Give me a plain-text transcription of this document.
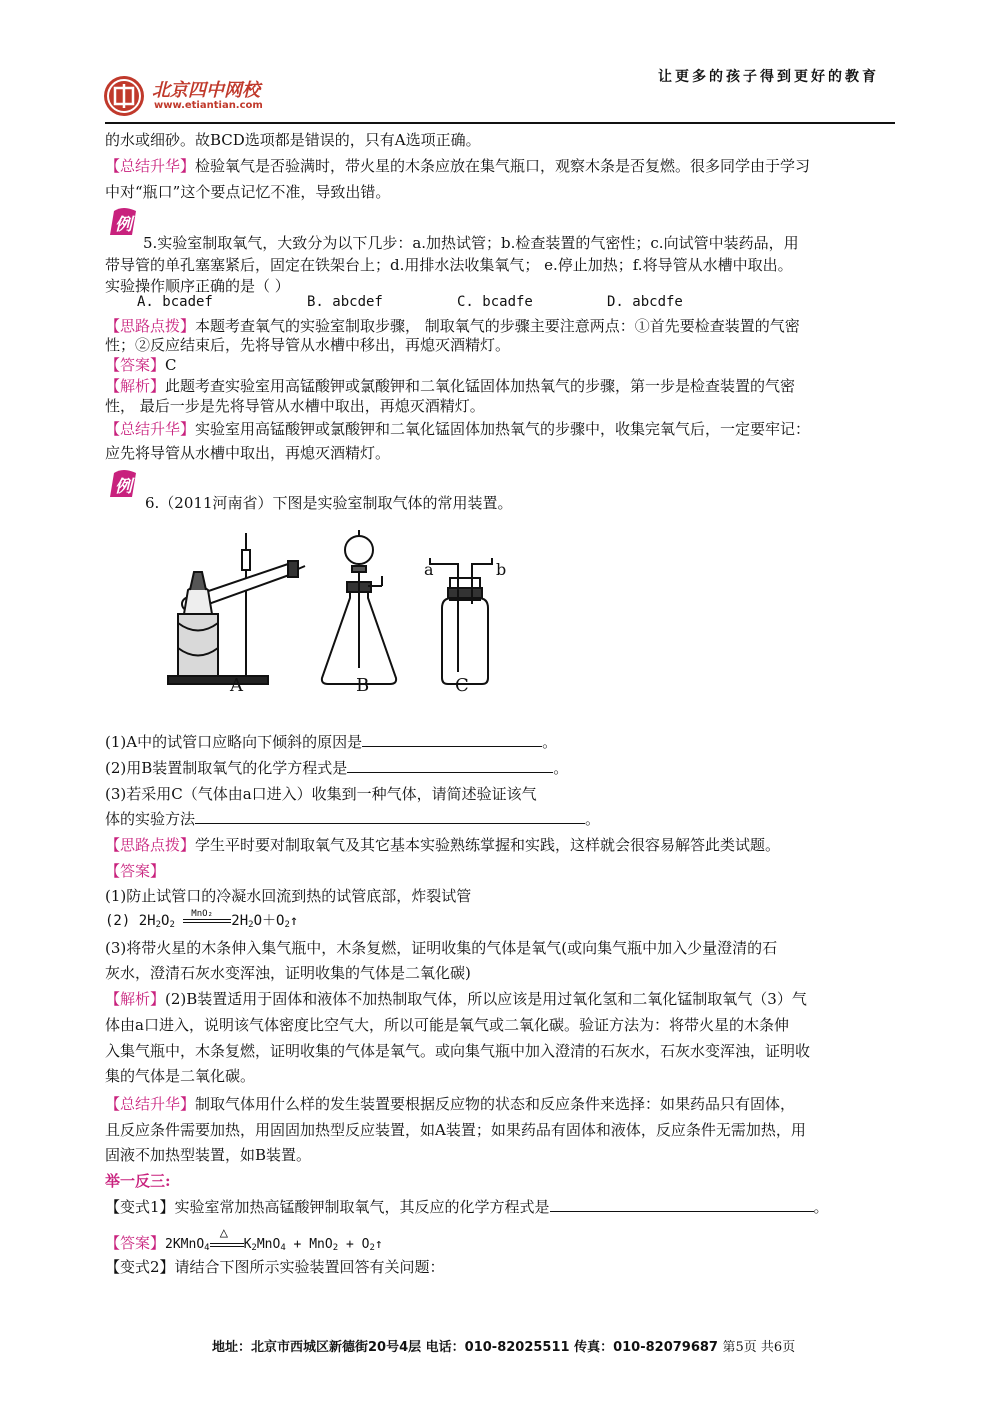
北京四中网校
www.etiantian.com
让更多的孩子得到更好的教育
的水或细砂。故BCD选项都是错误的，只有A选项正确。
【总结升华】检验氧气是否验满时，带火星的木条应放在集气瓶口，观察木条是否复燃。很多同学由于学习
中对“瓶口”这个要点记忆不准，导致出错。
例
5.实验室制取氧气，大致分为以下几步：a.加热试管；b.检查装置的气密性；c.向试管中装药品，用
带导管的单孔塞塞紧后，固定在铁架台上；d.用排水法收集氧气； e.停止加热；f.将导管从水槽中取出。
实验操作顺序正确的是（ ）
A. bcadef	B. abcdef	C. bcadfe	D. abcdfe
【思路点拨】本题考查氧气的实验室制取步骤， 制取氧气的步骤主要注意两点：①首先要检查装置的气密
性；②反应结束后，先将导管从水槽中移出，再熄灭酒精灯。
【答案】C
【解析】此题考查实验室用高锰酸钾或氯酸钾和二氧化锰固体加热氧气的步骤，第一步是检查装置的气密
性， 最后一步是先将导管从水槽中取出，再熄灭酒精灯。
【总结升华】实验室用高锰酸钾或氯酸钾和二氧化锰固体加热氧气的步骤中，收集完氧气后，一定要牢记：
应先将导管从水槽中取出，再熄灭酒精灯。
例
6.（2011河南省）下图是实验室制取气体的常用装置。
A	B	C
a	b
(1)A中的试管口应略向下倾斜的原因是	。
(2)用B装置制取氧气的化学方程式是	。
(3)若采用C（气体由a口进入）收集到一种气体，请简述验证该气
体的实验方法	。
【思路点拨】学生平时要对制取氧气及其它基本实验熟练掌握和实践，这样就会很容易解答此类试题。
【答案】
(1)防止试管口的冷凝水回流到热的试管底部，炸裂试管
(2) $2H_2O_2$
MnO₂ $2H_2O+O_2↑$
(3)将带火星的木条伸入集气瓶中，木条复燃，证明收集的气体是氧气(或向集气瓶中加入少量澄清的石
灰水，澄清石灰水变浑浊，证明收集的气体是二氧化碳)
【解析】(2)B装置适用于固体和液体不加热制取气体，所以应该是用过氧化氢和二氧化锰制取氧气（3）气
体由a口进入，说明该气体密度比空气大，所以可能是氧气或二氧化碳。验证方法为：将带火星的木条伸
入集气瓶中，木条复燃，证明收集的气体是氧气。或向集气瓶中加入澄清的石灰水，石灰水变浑浊，证明收
集的气体是二氧化碳。
【总结升华】制取气体用什么样的发生装置要根据反应物的状态和反应条件来选择：如果药品只有固体，
且反应条件需要加热，用固固加热型反应装置，如A装置；如果药品有固体和液体，反应条件无需加热，用
固液不加热型装置，如B装置。
举一反三:
【变式1】实验室常加热高锰酸钾制取氧气，其反应的化学方程式是	。
【答案】2KMnO$_4$
△
$K_2MnO_4 + MnO_2$ + $O_2↑$
【变式2】请结合下图所示实验装置回答有关问题：
地址：北京市西城区新德街20号4层 电话：010-82025511 传真：010-82079687 第5页 共6页
